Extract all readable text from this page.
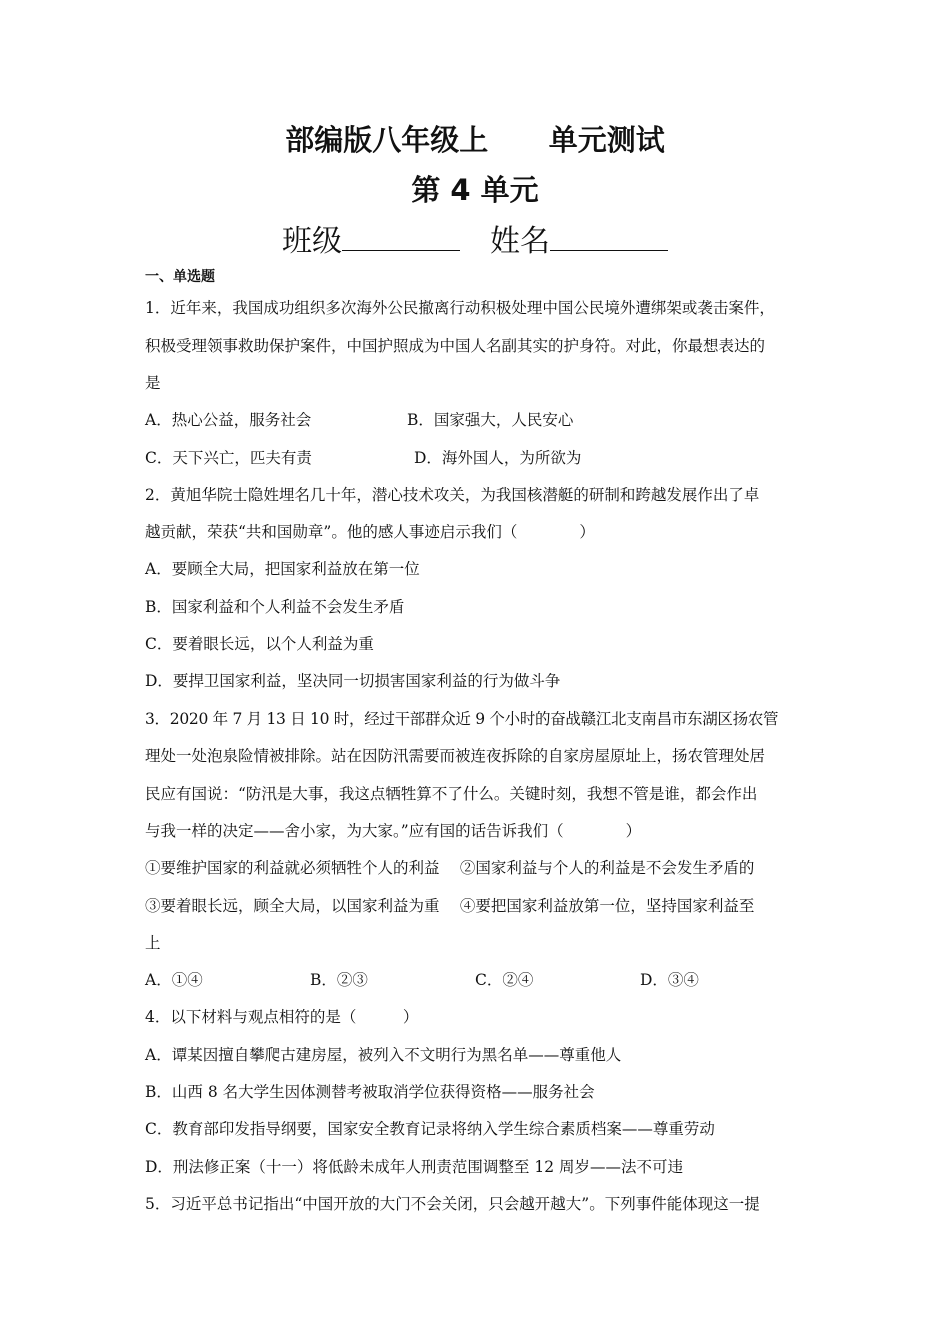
部编版八年级上      单元测试
第 4 单元
班级	姓名
一、单选题
1．近年来，我国成功组织多次海外公民撤离行动积极处理中国公民境外遭绑架或袭击案件，
积极受理领事救助保护案件，中国护照成为中国人名副其实的护身符。对此，你最想表达的
是
A．热心公益，服务社会	B．国家强大，人民安心
C．天下兴亡，匹夫有责	D．海外国人，为所欲为
2．黄旭华院士隐姓埋名几十年，潜心技术攻关，为我国核潜艇的研制和跨越发展作出了卓
越贡献，荣获“共和国勋章”。他的感人事迹启示我们（　　　　）
A．要顾全大局，把国家利益放在第一位
B．国家利益和个人利益不会发生矛盾
C．要着眼长远，以个人利益为重
D．要捍卫国家利益，坚决同一切损害国家利益的行为做斗争
3．2020 年 7 月 13 日 10 时，经过干部群众近 9 个小时的奋战赣江北支南昌市东湖区扬农管
理处一处泡泉险情被排除。站在因防汛需要而被连夜拆除的自家房屋原址上，扬农管理处居
民应有国说：“防汛是大事，我这点牺牲算不了什么。关键时刻，我想不管是谁，都会作出
与我一样的决定——舍小家，为大家。”应有国的话告诉我们（　　　　）
①要维护国家的利益就必须牺牲个人的利益　 ②国家利益与个人的利益是不会发生矛盾的
③要着眼长远，顾全大局，以国家利益为重　 ④要把国家利益放第一位，坚持国家利益至
上
A．①④	B．②③	C．②④	D．③④
4．以下材料与观点相符的是（　　　）
A．谭某因擅自攀爬古建房屋，被列入不文明行为黑名单——尊重他人
B．山西 8 名大学生因体测替考被取消学位获得资格——服务社会
C．教育部印发指导纲要，国家安全教育记录将纳入学生综合素质档案——尊重劳动
D．刑法修正案（十一）将低龄未成年人刑责范围调整至 12 周岁——法不可违
5．习近平总书记指出“中国开放的大门不会关闭，只会越开越大”。下列事件能体现这一提
